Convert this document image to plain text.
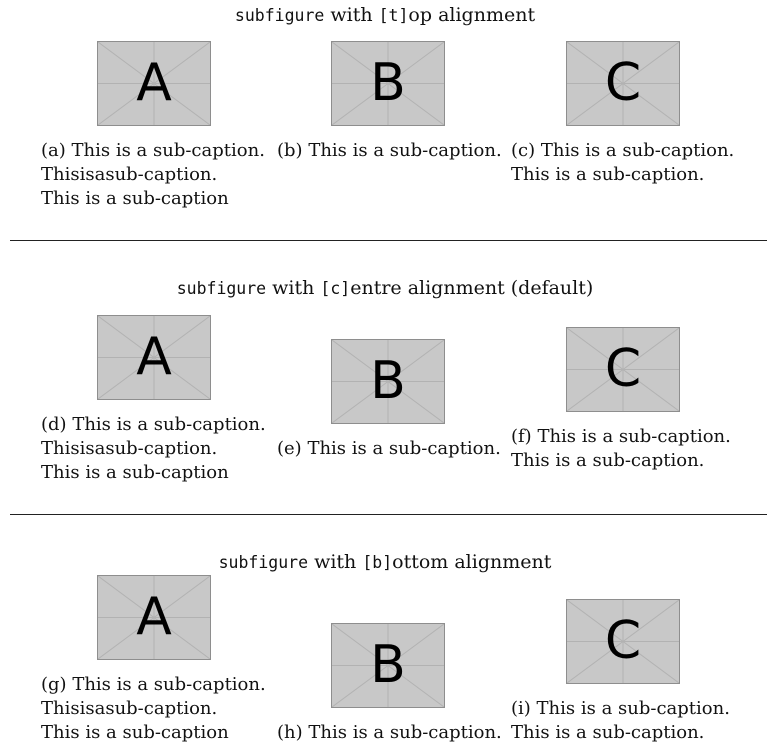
subfigure with [t]op alignment
A	B	C
(a) This is a sub-caption.
Thisisasub-caption.
This is a sub-caption
(b) This is a sub-caption. (c) This is a sub-caption.
This is a sub-caption.
subfigure with [c]entre alignment (default)
A	B	C
(d) This is a sub-caption.
Thisisasub-caption.
This is a sub-caption
(e) This is a sub-caption.
(f) This is a sub-caption.
This is a sub-caption.
subfigure with [b]ottom alignment
A
B	C
(g) This is a sub-caption.
Thisisasub-caption.
This is a sub-caption	(h) This is a sub-caption.
(i) This is a sub-caption.
This is a sub-caption.
